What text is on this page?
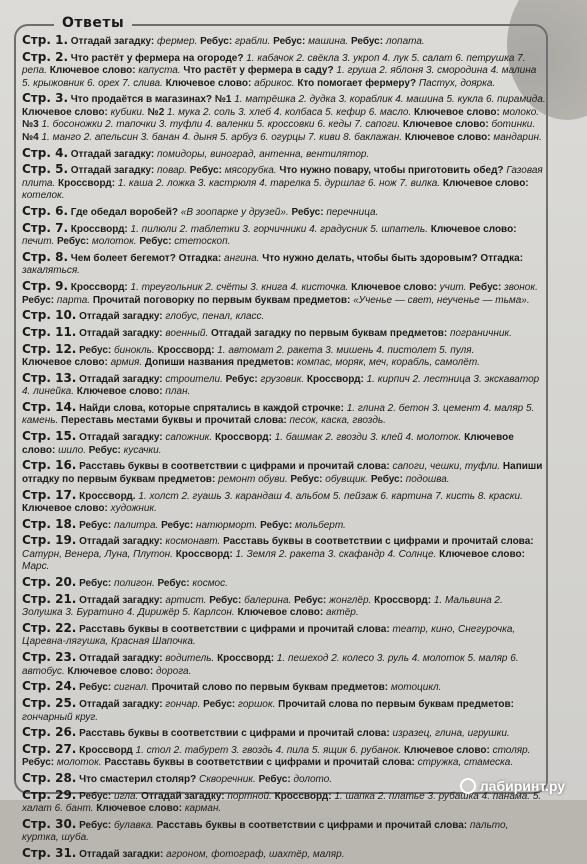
Ответы
Стр. 1. Отгадай загадку: фермер. Ребус: грабли. Ребус: машина. Ребус: лопата.
Стр. 2. Что растёт у фермера на огороде? 1. кабачок 2. свёкла 3. укроп 4. лук 5. салат 6. петрушка 7. репа. Ключевое слово: капуста. Что растёт у фермера в саду? 1. груша 2. яблоня 3. смородина 4. малина 5. крыжовник 6. орех 7. слива. Ключевое слово: абрикос. Кто помогает фермеру? Пастух, доярка.
Стр. 3. Что продаётся в магазинах? №1 1. матрёшка 2. дудка 3. кораблик 4. машина 5. кукла 6. пирамида. Ключевое слово: кубики. №2 1. мука 2. соль 3. хлеб 4. колбаса 5. кефир 6. масло. Ключевое слово: молоко. №3 1. босоножки 2. тапочки 3. туфли 4. валенки 5. кроссовки 6. кеды 7. сапоги. Ключевое слово: ботинки. №4 1. манго 2. апельсин 3. банан 4. дыня 5. арбуз 6. огурцы 7. киви 8. баклажан. Ключевое слово: мандарин.
Стр. 4. Отгадай загадку: помидоры, виноград, антенна, вентилятор.
Стр. 5. Отгадай загадку: повар. Ребус: мясорубка. Что нужно повару, чтобы приготовить обед? Газовая плита. Кроссворд: 1. каша 2. ложка 3. кастрюля 4. тарелка 5. дуршлаг 6. нож 7. вилка. Ключевое слово: котелок.
Стр. 6. Где обедал воробей? «В зоопарке у друзей». Ребус: перечница.
Стр. 7. Кроссворд: 1. пилюли 2. таблетки 3. горчичники 4. градусник 5. шпатель. Ключевое слово: печит. Ребус: молоток. Ребус: стетоскоп.
Стр. 8. Чем болеет бегемот? Отгадка: ангина. Что нужно делать, чтобы быть здоровым? Отгадка: закаляться.
Стр. 9. Кроссворд: 1. треугольник 2. счёты 3. книга 4. кисточка. Ключевое слово: учит. Ребус: звонок. Ребус: парта. Прочитай поговорку по первым буквам предметов: «Ученье — свет, неученье — тьма».
Стр. 10. Отгадай загадку: глобус, пенал, класс.
Стр. 11. Отгадай загадку: военный. Отгадай загадку по первым буквам предметов: пограничник.
Стр. 12. Ребус: бинокль. Кроссворд: 1. автомат 2. ракета 3. мишень 4. пистолет 5. пуля.
Ключевое слово: армия. Допиши названия предметов: компас, моряк, меч, корабль, самолёт.
Стр. 13. Отгадай загадку: строители. Ребус: грузовик. Кроссворд: 1. кирпич 2. лестница 3. экскаватор 4. линейка. Ключевое слово: план.
Стр. 14. Найди слова, которые спрятались в каждой строчке: 1. глина 2. бетон 3. цемент 4. маляр 5. камень. Переставь местами буквы и прочитай слова: песок, каска, гвоздь.
Стр. 15. Отгадай загадку: сапожник. Кроссворд: 1. башмак 2. гвозди 3. клей 4. молоток. Ключевое слово: шило. Ребус: кусачки.
Стр. 16. Расставь буквы в соответствии с цифрами и прочитай слова: сапоги, чешки, туфли. Напиши отгадку по первым буквам предметов: ремонт обуви. Ребус: обувщик. Ребус: подошва.
Стр. 17. Кроссворд. 1. холст 2. гуашь 3. карандаш 4. альбом 5. пейзаж 6. картина 7. кисть 8. краски. Ключевое слово: художник.
Стр. 18. Ребус: палитра. Ребус: натюрморт. Ребус: мольберт.
Стр. 19. Отгадай загадку: космонавт. Расставь буквы в соответствии с цифрами и прочитай слова: Сатурн, Венера, Луна, Плутон. Кроссворд: 1. Земля 2. ракета 3. скафандр 4. Солнце. Ключевое слово: Марс.
Стр. 20. Ребус: полигон. Ребус: космос.
Стр. 21. Отгадай загадку: артист. Ребус: балерина. Ребус: жонглёр. Кроссворд: 1. Мальвина 2. Золушка 3. Буратино 4. Дирижёр 5. Карлсон. Ключевое слово: актёр.
Стр. 22. Расставь буквы в соответствии с цифрами и прочитай слова: театр, кино, Снегурочка, Царевна-лягушка, Красная Шапочка.
Стр. 23. Отгадай загадку: водитель. Кроссворд: 1. пешеход 2. колесо 3. руль 4. молоток 5. маляр 6. автобус. Ключевое слово: дорога.
Стр. 24. Ребус: сигнал. Прочитай слово по первым буквам предметов: мотоцикл.
Стр. 25. Отгадай загадку: гончар. Ребус: горшок. Прочитай слова по первым буквам предметов: гончарный круг.
Стр. 26. Расставь буквы в соответствии с цифрами и прочитай слова: изразец, глина, игрушки.
Стр. 27. Кроссворд 1. стол 2. табурет 3. гвоздь 4. пила 5. ящик 6. рубанок. Ключевое слово: столяр. Ребус: молоток. Расставь буквы в соответствии с цифрами и прочитай слова: стружка, стамеска.
Стр. 28. Что смастерил столяр? Скворечник. Ребус: долото.
Стр. 29. Ребус: игла. Отгадай загадку: портной. Кроссворд: 1. шапка 2. платье 3. рубашка 4. панама. 5. халат 6. бант. Ключевое слово: карман.
Стр. 30. Ребус: булавка. Расставь буквы в соответствии с цифрами и прочитай слова: пальто, куртка, шуба.
Стр. 31. Отгадай загадки: агроном, фотограф, шахтёр, маляр.
лабиринт.ру
